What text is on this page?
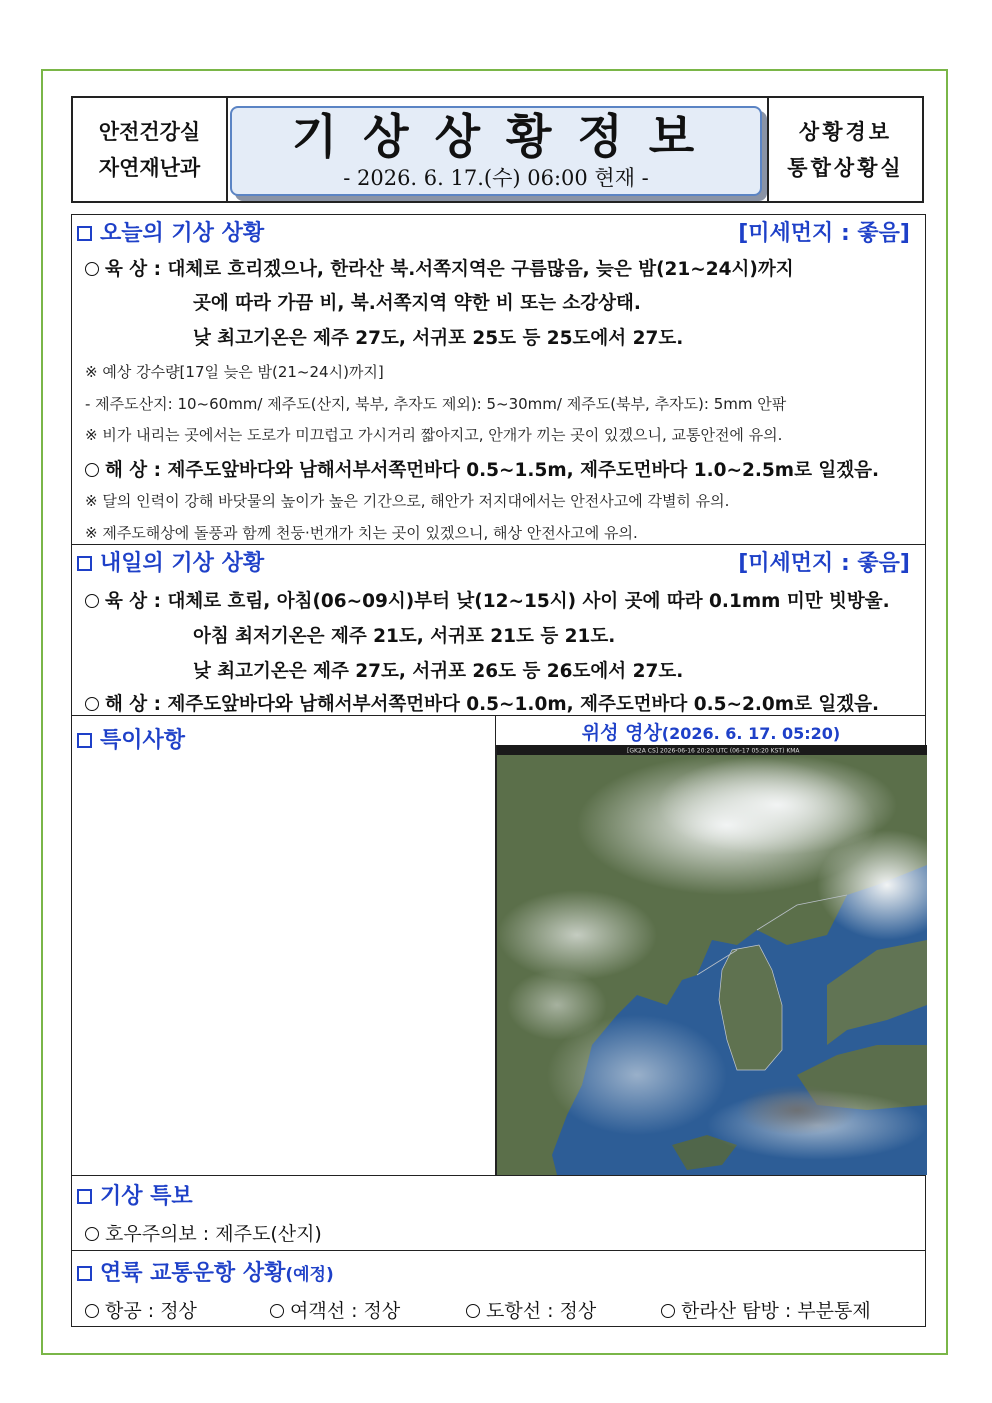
안전건강실
자연재난과
기상상황정보
- 2026. 6. 17.(수) 06:00 현재 -
상황경보
통합상황실
오늘의 기상 상황	[미세먼지 : 좋음]
육 상 : 대체로 흐리겠으나, 한라산 북.서쪽지역은 구름많음, 늦은 밤(21~24시)까지
곳에 따라 가끔 비, 북.서쪽지역 약한 비 또는 소강상태.
낮 최고기온은 제주 27도, 서귀포 25도 등 25도에서 27도.
※ 예상 강수량[17일 늦은 밤(21~24시)까지]
- 제주도산지: 10~60mm/ 제주도(산지, 북부, 추자도 제외): 5~30mm/ 제주도(북부, 추자도): 5mm 안팎
※ 비가 내리는 곳에서는 도로가 미끄럽고 가시거리 짧아지고, 안개가 끼는 곳이 있겠으니, 교통안전에 유의.
해 상 : 제주도앞바다와 남해서부서쪽먼바다 0.5~1.5m, 제주도먼바다 1.0~2.5m로 일겠음.
※ 달의 인력이 강해 바닷물의 높이가 높은 기간으로, 해안가 저지대에서는 안전사고에 각별히 유의.
※ 제주도해상에 돌풍과 함께 천둥·번개가 치는 곳이 있겠으니, 해상 안전사고에 유의.
내일의 기상 상황	[미세먼지 : 좋음]
육 상 : 대체로 흐림, 아침(06~09시)부터 낮(12~15시) 사이 곳에 따라 0.1mm 미만 빗방울.
아침 최저기온은 제주 21도, 서귀포 21도 등 21도.
낮 최고기온은 제주 27도, 서귀포 26도 등 26도에서 27도.
해 상 : 제주도앞바다와 남해서부서쪽먼바다 0.5~1.0m, 제주도먼바다 0.5~2.0m로 일겠음.
특이사항	위성 영상(2026. 6. 17. 05:20)
[GK2A CS] 2026-06-16 20:20 UTC (06-17 05:20 KST) KMA
기상 특보
호우주의보 : 제주도(산지)
연륙 교통운항 상황(예정)
항공 : 정상	여객선 : 정상	도항선 : 정상	한라산 탐방 : 부분통제
